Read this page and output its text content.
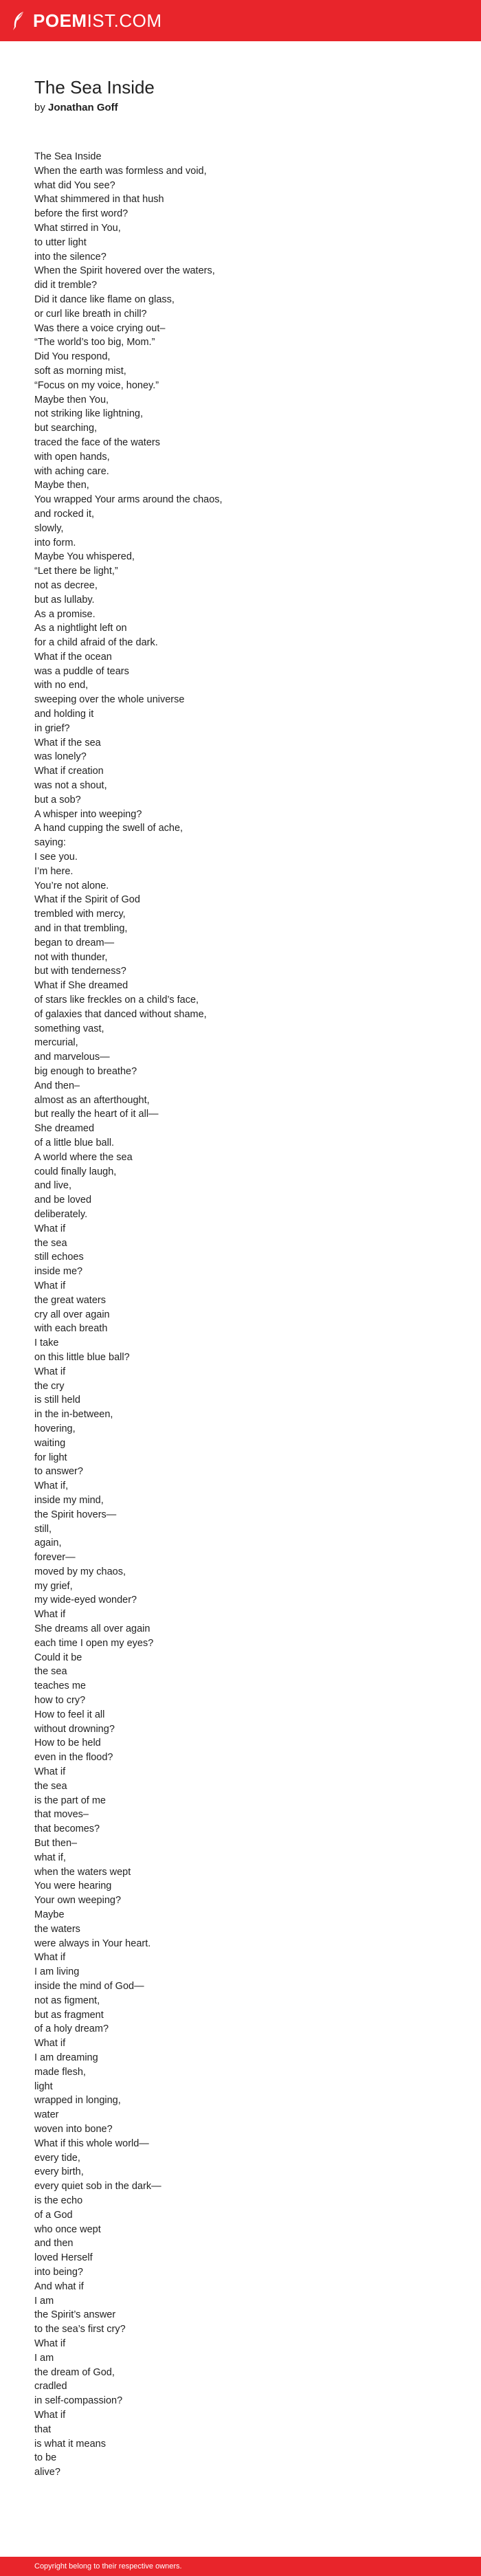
POEMIST.COM
The Sea Inside
by Jonathan Goff
The Sea Inside
When the earth was formless and void,
what did You see?
What shimmered in that hush
before the first word?
What stirred in You,
to utter light
into the silence?
When the Spirit hovered over the waters,
did it tremble?
Did it dance like flame on glass,
or curl like breath in chill?
Was there a voice crying out–
“The world’s too big, Mom.”
Did You respond,
soft as morning mist,
“Focus on my voice, honey.”
Maybe then You,
not striking like lightning,
but searching,
traced the face of the waters
with open hands,
with aching care.
Maybe then,
You wrapped Your arms around the chaos,
and rocked it,
slowly,
into form.
Maybe You whispered,
“Let there be light,”
not as decree,
but as lullaby.
As a promise.
As a nightlight left on
for a child afraid of the dark.
What if the ocean
was a puddle of tears
with no end,
sweeping over the whole universe
and holding it
in grief?
What if the sea
was lonely?
What if creation
was not a shout,
but a sob?
A whisper into weeping?
A hand cupping the swell of ache,
saying:
I see you.
I’m here.
You’re not alone.
What if the Spirit of God
trembled with mercy,
and in that trembling,
began to dream—
not with thunder,
but with tenderness?
What if She dreamed
of stars like freckles on a child’s face,
of galaxies that danced without shame,
something vast,
mercurial,
and marvelous—
big enough to breathe?
And then–
almost as an afterthought,
but really the heart of it all—
She dreamed
of a little blue ball.
A world where the sea
could finally laugh,
and live,
and be loved
deliberately.
What if
the sea
still echoes
inside me?
What if
the great waters
cry all over again
with each breath
I take
on this little blue ball?
What if
the cry
is still held
in the in-between,
hovering,
waiting
for light
to answer?
What if,
inside my mind,
the Spirit hovers—
still,
again,
forever—
moved by my chaos,
my grief,
my wide-eyed wonder?
What if
She dreams all over again
each time I open my eyes?
Could it be
the sea
teaches me
how to cry?
How to feel it all
without drowning?
How to be held
even in the flood?
What if
the sea
is the part of me
that moves–
that becomes?
But then–
what if,
when the waters wept
You were hearing
Your own weeping?
Maybe
the waters
were always in Your heart.
What if
I am living
inside the mind of God—
not as figment,
but as fragment
of a holy dream?
What if
I am dreaming
made flesh,
light
wrapped in longing,
water
woven into bone?
What if this whole world—
every tide,
every birth,
every quiet sob in the dark—
is the echo
of a God
who once wept
and then
loved Herself
into being?
And what if
I am
the Spirit’s answer
to the sea’s first cry?
What if
I am
the dream of God,
cradled
in self-compassion?
What if
that
is what it means
to be
alive?
Copyright belong to their respective owners.
